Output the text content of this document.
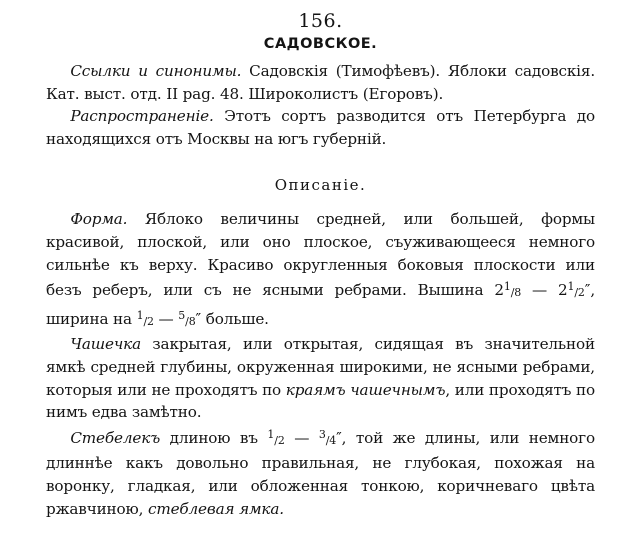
156.
САДОВСКОЕ.

Ссылки и синонимы. Садовскія (Тимофѣевъ). Яблоки садовскія. Кат. выст. отд. II pag. 48. Широколистъ (Егоровъ).

Распространеніе. Этотъ сортъ разводится отъ Петербурга до находящихся отъ Москвы на югъ губерній.

Описаніе.

Форма. Яблоко величины средней, или большей, формы красивой, плоской, или оно плоское, съуживающееся немного сильнѣе къ верху. Красиво округленныя боковыя плоскости или безъ реберъ, или съ не ясными ребрами. Вышина $2^1/8$ — $2^1/2''$, ширина на $^1$/2 — $^5$/8″ больше.

Чашечка закрытая, или открытая, сидящая въ значительной ямкѣ средней глубины, окруженная широкими, не ясными ребрами, которыя или не проходятъ по краямъ чашечнымъ, или проходятъ по нимъ едва замѣтно.

Стебелекъ длиною въ $^1$/2 — $^3$/4″, той же длины, или немного длиннѣе какъ довольно правильная, не глубокая, похожая на воронку, гладкая, или обложенная тонкою, коричневаго цвѣта ржавчиною, стеблевая ямка.
